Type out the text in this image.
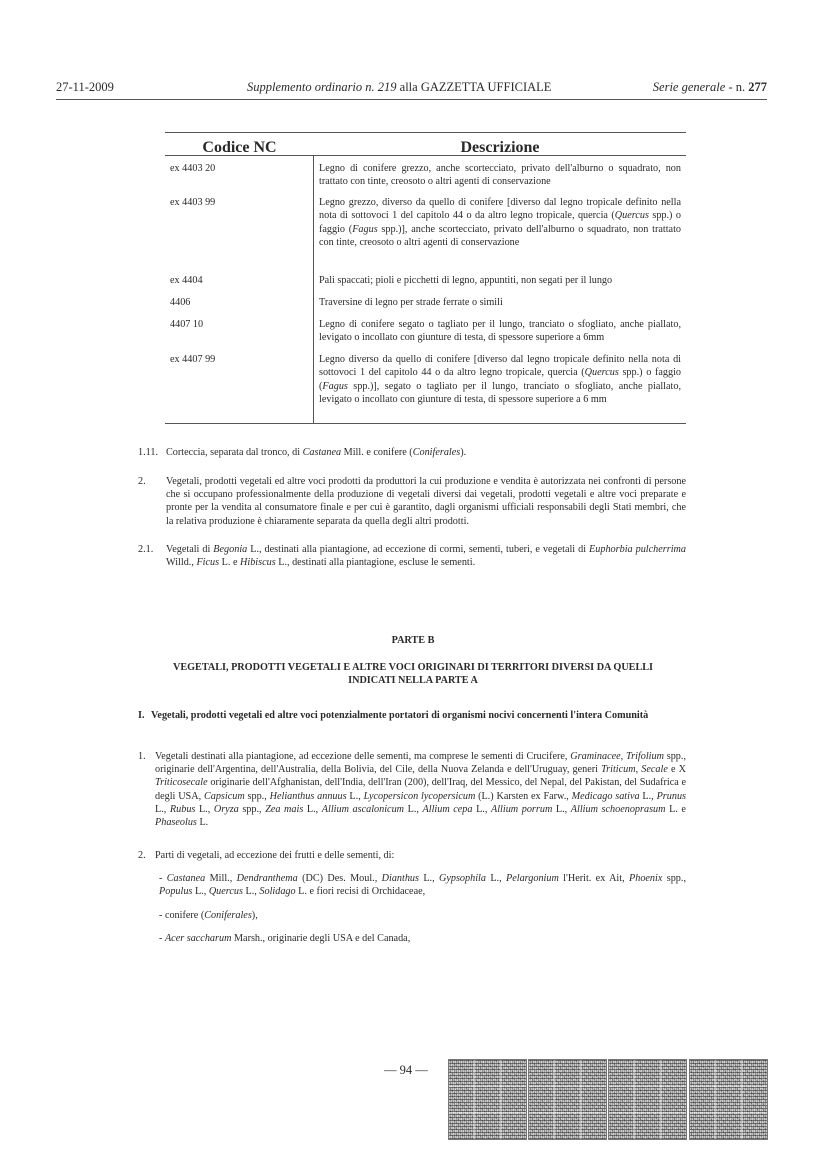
27-11-2009	Supplemento ordinario n. 219 alla GAZZETTA UFFICIALE	Serie generale - n. 277
Codice NC	Descrizione
ex 4403 20	Legno di conifere grezzo, anche scortecciato, privato dell'alburno o squadrato, non trattato con tinte, creosoto o altri agenti di conservazione
ex 4403 99	Legno grezzo, diverso da quello di conifere [diverso dal legno tropicale definito nella nota di sottovoci 1 del capitolo 44 o da altro legno tropicale, quercia (Quercus spp.) o faggio (Fagus spp.)], anche scortecciato, privato dell'alburno o squadrato, non trattato con tinte, creosoto o altri agenti di conservazione
ex 4404	Pali spaccati; pioli e picchetti di legno, appuntiti, non segati per il lungo
4406	Traversine di legno per strade ferrate o simili
4407 10	Legno di conifere segato o tagliato per il lungo, tranciato o sfogliato, anche piallato, levigato o incollato con giunture di testa, di spessore superiore a 6mm
ex 4407 99	Legno diverso da quello di conifere [diverso dal legno tropicale definito nella nota di sottovoci 1 del capitolo 44 o da altro legno tropicale, quercia (Quercus spp.) o faggio (Fagus spp.)], segato o tagliato per il lungo, tranciato o sfogliato, anche piallato, levigato o incollato con giunture di testa, di spessore superiore a 6 mm
1.11. Corteccia, separata dal tronco, di Castanea Mill. e conifere (Coniferales).
2. Vegetali, prodotti vegetali ed altre voci prodotti da produttori la cui produzione e vendita è autorizzata nei confronti di persone che si occupano professionalmente della produzione di vegetali diversi dai vegetali, prodotti vegetali e altre voci preparate e pronte per la vendita al consumatore finale e per cui è garantito, dagli organismi ufficiali responsabili degli Stati membri, che la relativa produzione è chiaramente separata da quella degli altri prodotti.
2.1. Vegetali di Begonia L., destinati alla piantagione, ad eccezione di cormi, sementi, tuberi, e vegetali di Euphorbia pulcherrima Willd., Ficus L. e Hibiscus L., destinati alla piantagione, escluse le sementi.
PARTE B
VEGETALI, PRODOTTI VEGETALI E ALTRE VOCI ORIGINARI DI TERRITORI DIVERSI DA QUELLI INDICATI NELLA PARTE A
I. Vegetali, prodotti vegetali ed altre voci potenzialmente portatori di organismi nocivi concernenti l'intera Comunità
1. Vegetali destinati alla piantagione, ad eccezione delle sementi, ma comprese le sementi di Crucifere, Graminacee, Trifolium spp., originarie dell'Argentina, dell'Australia, della Bolivia, del Cile, della Nuova Zelanda e dell'Uruguay, generi Triticum, Secale e X Triticosecale originarie dell'Afghanistan, dell'India, dell'Iran (200), dell'Iraq, del Messico, del Nepal, del Pakistan, del Sudafrica e degli USA, Capsicum spp., Helianthus annuus L., Lycopersicon lycopersicum (L.) Karsten ex Farw., Medicago sativa L., Prunus L., Rubus L., Oryza spp., Zea mais L., Allium ascalonicum L., Allium cepa L., Allium porrum L., Allium schoenoprasum L. e Phaseolus L.
2. Parti di vegetali, ad eccezione dei frutti e delle sementi, di:
- Castanea Mill., Dendranthema (DC) Des. Moul., Dianthus L., Gypsophila L., Pelargonium l'Herit. ex Ait, Phoenix spp., Populus L., Quercus L., Solidago L. e fiori recisi di Orchidaceae,
- conifere (Coniferales),
- Acer saccharum Marsh., originarie degli USA e del Canada,
— 94 —
